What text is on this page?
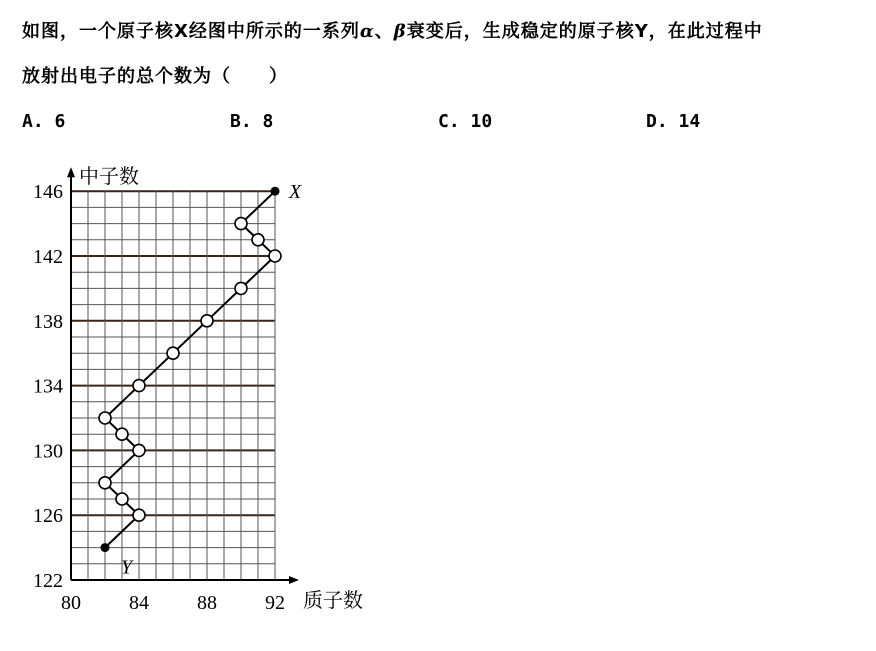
如图，一个原子核X经图中所示的一系列α、β衰变后，生成稳定的原子核Y，在此过程中
放射出电子的总个数为（　　）
A. 6	B. 8	C. 10	D. 14
122
126
130
134
138
142
146
80 84 88 92
中子数
质子数
X
Y
